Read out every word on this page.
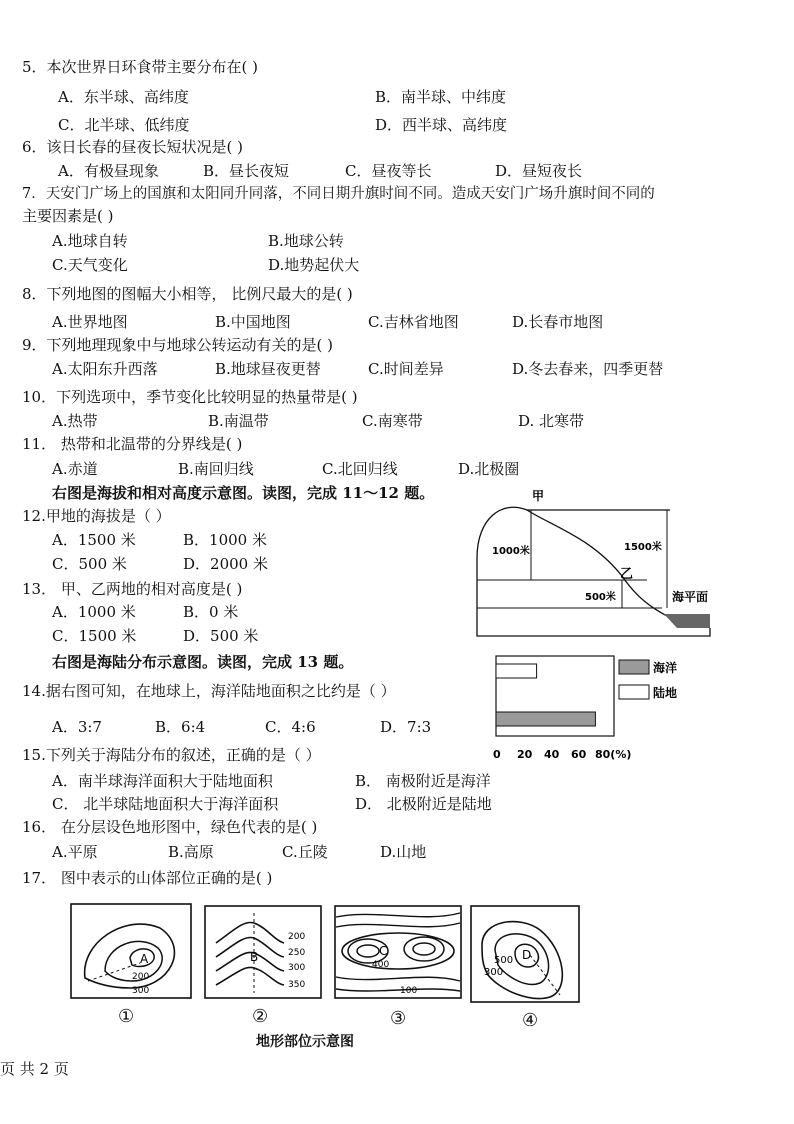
5．本次世界日环食带主要分布在( )
A．东半球、高纬度	B．南半球、中纬度
C．北半球、低纬度	D．西半球、高纬度
6．该日长春的昼夜长短状况是( )
A．有极昼现象	B．昼长夜短	C．昼夜等长	D．昼短夜长
7．天安门广场上的国旗和太阳同升同落，不同日期升旗时间不同。造成天安门广场升旗时间不同的
主要因素是( )
A.地球自转	B.地球公转
C.天气变化	D.地势起伏大
8．下列地图的图幅大小相等， 比例尺最大的是( )
A.世界地图	B.中国地图	C.吉林省地图	D.长春市地图
9．下列地理现象中与地球公转运动有关的是( )
A.太阳东升西落	B.地球昼夜更替	C.时间差异	D.冬去春来，四季更替
10．下列选项中，季节变化比较明显的热量带是( )
A.热带	B.南温带	C.南寒带	D. 北寒带
11． 热带和北温带的分界线是( )
A.赤道	B.南回归线	C.北回归线	D.北极圈
右图是海拔和相对高度示意图。读图，完成 11～12 题。
12.甲地的海拔是（ ）
A．1500 米	B．1000 米
C．500 米	D．2000 米
13． 甲、乙两地的相对高度是( )
A．1000 米	B．0 米
C．1500 米	D．500 米
右图是海陆分布示意图。读图，完成 13 题。
14.据右图可知，在地球上，海洋陆地面积之比约是（ ）
A．3:7	B．6:4	C．4:6	D．7:3
15.下列关于海陆分布的叙述，正确的是（ ）
A．南半球海洋面积大于陆地面积	B． 南极附近是海洋
C． 北半球陆地面积大于海洋面积	D． 北极附近是陆地
16． 在分层设色地形图中，绿色代表的是( )
A.平原	B.高原	C.丘陵	D.山地
17． 图中表示的山体部位正确的是( )
甲
1000米	1500米
乙
500米	海平面
海洋
陆地
0 20 40 60 80(%)
A
200
300
B
200
250
300
350
C
400
100
D
500
300
①	②	③	④
地形部位示意图
页 共 2 页
